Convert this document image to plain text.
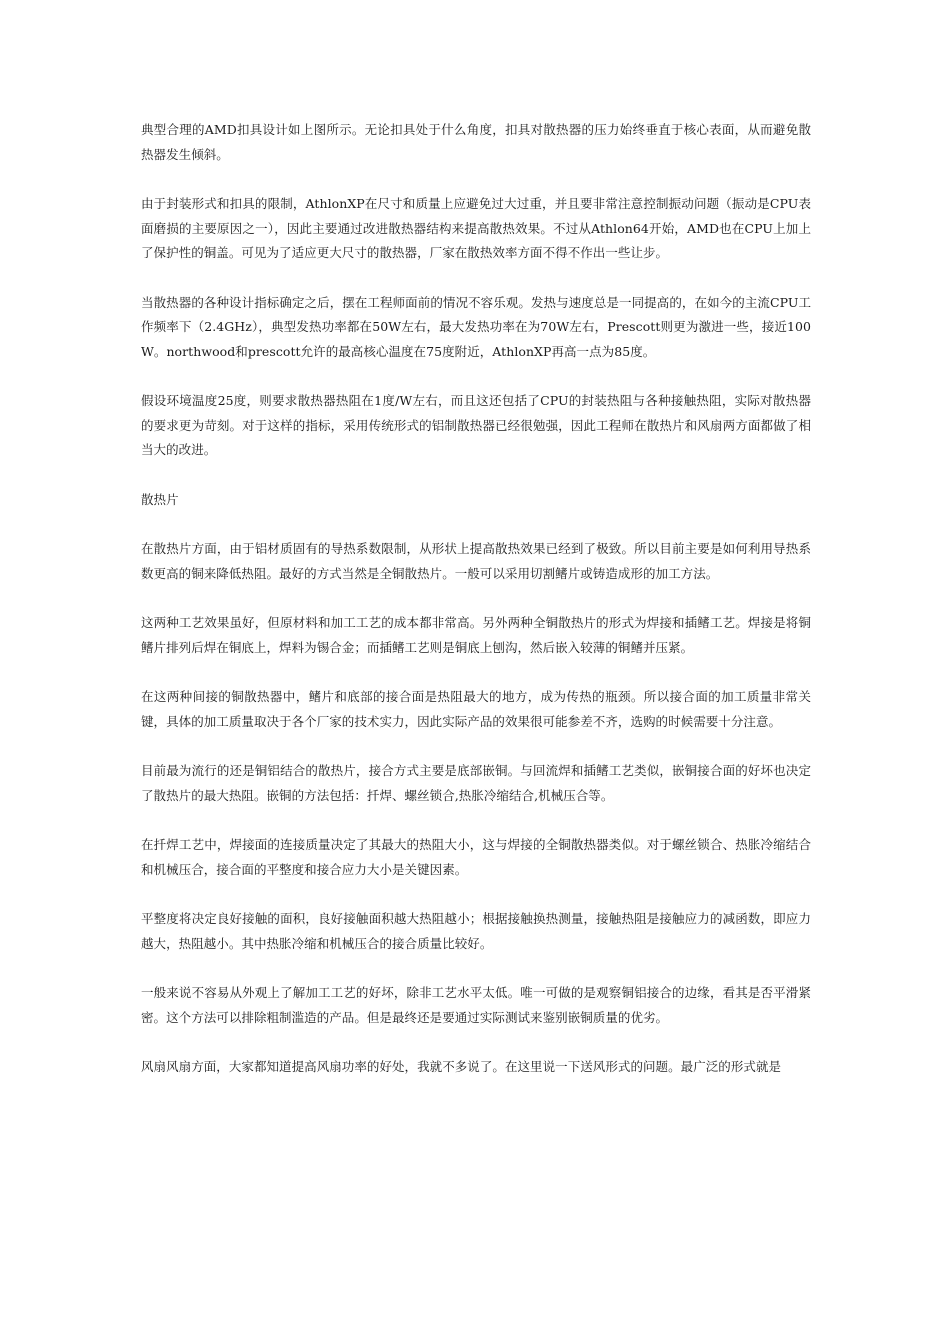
典型合理的AMD扣具设计如上图所示。无论扣具处于什么角度，扣具对散热器的压力始终垂直于核心表面，从而避免散热器发生倾斜。

由于封装形式和扣具的限制，AthlonXP在尺寸和质量上应避免过大过重，并且要非常注意控制振动问题（振动是CPU表面磨损的主要原因之一），因此主要通过改进散热器结构来提高散热效果。不过从Athlon64开始，AMD也在CPU上加上了保护性的铜盖。可见为了适应更大尺寸的散热器，厂家在散热效率方面不得不作出一些让步。

当散热器的各种设计指标确定之后，摆在工程师面前的情况不容乐观。发热与速度总是一同提高的，在如今的主流CPU工作频率下（2.4GHz），典型发热功率都在50W左右，最大发热功率在为70W左右，Prescott则更为激进一些，接近100W。northwood和prescott允许的最高核心温度在75度附近，AthlonXP再高一点为85度。

假设环境温度25度，则要求散热器热阻在1度/W左右，而且这还包括了CPU的封装热阻与各种接触热阻，实际对散热器的要求更为苛刻。对于这样的指标，采用传统形式的铝制散热器已经很勉强，因此工程师在散热片和风扇两方面都做了相当大的改进。

散热片

在散热片方面，由于铝材质固有的导热系数限制，从形状上提高散热效果已经到了极致。所以目前主要是如何利用导热系数更高的铜来降低热阻。最好的方式当然是全铜散热片。一般可以采用切割鳍片或铸造成形的加工方法。

这两种工艺效果虽好，但原材料和加工工艺的成本都非常高。另外两种全铜散热片的形式为焊接和插鳍工艺。焊接是将铜鳍片排列后焊在铜底上，焊料为锡合金；而插鳍工艺则是铜底上刨沟，然后嵌入较薄的铜鳍并压紧。

在这两种间接的铜散热器中，鳍片和底部的接合面是热阻最大的地方，成为传热的瓶颈。所以接合面的加工质量非常关键，具体的加工质量取决于各个厂家的技术实力，因此实际产品的效果很可能参差不齐，选购的时候需要十分注意。

目前最为流行的还是铜铝结合的散热片，接合方式主要是底部嵌铜。与回流焊和插鳍工艺类似，嵌铜接合面的好坏也决定了散热片的最大热阻。嵌铜的方法包括：扦焊、螺丝锁合,热胀冷缩结合,机械压合等。

在扦焊工艺中，焊接面的连接质量决定了其最大的热阻大小，这与焊接的全铜散热器类似。对于螺丝锁合、热胀冷缩结合和机械压合，接合面的平整度和接合应力大小是关键因素。

平整度将决定良好接触的面积，良好接触面积越大热阻越小；根据接触换热测量，接触热阻是接触应力的减函数，即应力越大，热阻越小。其中热胀冷缩和机械压合的接合质量比较好。

一般来说不容易从外观上了解加工工艺的好坏，除非工艺水平太低。唯一可做的是观察铜铝接合的边缘，看其是否平滑紧密。这个方法可以排除粗制滥造的产品。但是最终还是要通过实际测试来鉴别嵌铜质量的优劣。

风扇风扇方面，大家都知道提高风扇功率的好处，我就不多说了。在这里说一下送风形式的问题。最广泛的形式就是
